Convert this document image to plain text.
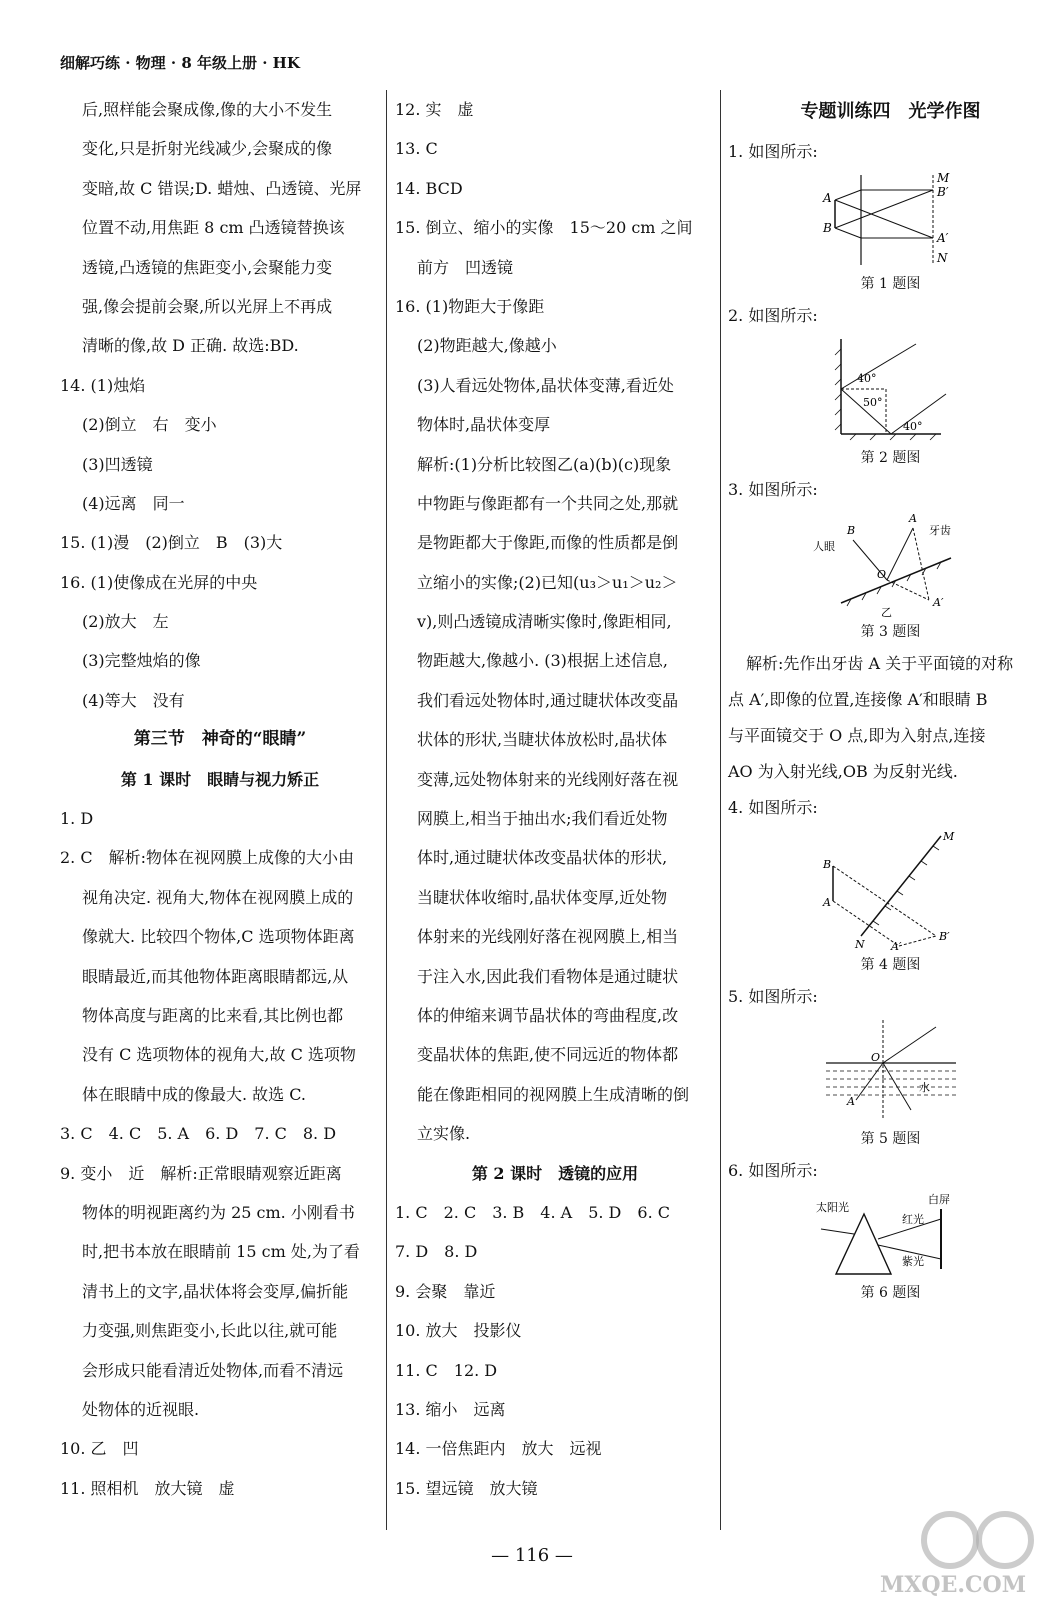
细解巧练 · 物理 · 8 年级上册 · HK
后,照样能会聚成像,像的大小不发生
变化,只是折射光线减少,会聚成的像
变暗,故 C 错误;D. 蜡烛、凸透镜、光屏
位置不动,用焦距 8 cm 凸透镜替换该
透镜,凸透镜的焦距变小,会聚能力变
强,像会提前会聚,所以光屏上不再成
清晰的像,故 D 正确. 故选:BD.
14. (1)烛焰
(2)倒立　右　变小
(3)凹透镜
(4)远离　同一
15. (1)漫　(2)倒立　B　(3)大
16. (1)使像成在光屏的中央
(2)放大　左
(3)完整烛焰的像
(4)等大　没有
第三节　神奇的“眼睛”
第 1 课时　眼睛与视力矫正
1. D
2. C　解析:物体在视网膜上成像的大小由
视角决定. 视角大,物体在视网膜上成的
像就大. 比较四个物体,C 选项物体距离
眼睛最近,而其他物体距离眼睛都远,从
物体高度与距离的比来看,其比例也都
没有 C 选项物体的视角大,故 C 选项物
体在眼睛中成的像最大. 故选 C.
3. C　4. C　5. A　6. D　7. C　8. D
9. 变小　近　解析:正常眼睛观察近距离
物体的明视距离约为 25 cm. 小刚看书
时,把书本放在眼睛前 15 cm 处,为了看
清书上的文字,晶状体将会变厚,偏折能
力变强,则焦距变小,长此以往,就可能
会形成只能看清近处物体,而看不清远
处物体的近视眼.
10. 乙　凹
11. 照相机　放大镜　虚
12. 实　虚
13. C
14. BCD
15. 倒立、缩小的实像　15～20 cm 之间
前方　凹透镜
16. (1)物距大于像距
(2)物距越大,像越小
(3)人看远处物体,晶状体变薄,看近处
物体时,晶状体变厚
解析:(1)分析比较图乙(a)(b)(c)现象
中物距与像距都有一个共同之处,那就
是物距都大于像距,而像的性质都是倒
立缩小的实像;(2)已知(u₃＞u₁＞u₂＞
v),则凸透镜成清晰实像时,像距相同,
物距越大,像越小. (3)根据上述信息,
我们看远处物体时,通过睫状体改变晶
状体的形状,当睫状体放松时,晶状体
变薄,远处物体射来的光线刚好落在视
网膜上,相当于抽出水;我们看近处物
体时,通过睫状体改变晶状体的形状,
当睫状体收缩时,晶状体变厚,近处物
体射来的光线刚好落在视网膜上,相当
于注入水,因此我们看物体是通过睫状
体的伸缩来调节晶状体的弯曲程度,改
变晶状体的焦距,使不同远近的物体都
能在像距相同的视网膜上生成清晰的倒
立实像.
第 2 课时　透镜的应用
1. C　2. C　3. B　4. A　5. D　6. C
7. D　8. D
9. 会聚　靠近
10. 放大　投影仪
11. C　12. D
13. 缩小　远离
14. 一倍焦距内　放大　远视
15. 望远镜　放大镜
专题训练四　光学作图
1. 如图所示:
A
B
M
B′
A′
N
第 1 题图
2. 如图所示:
40°
50°
40°
第 2 题图
3. 如图所示:
B
人眼
A
牙齿
O
A′
乙
第 3 题图
解析:先作出牙齿 A 关于平面镜的对称
点 A′,即像的位置,连接像 A′和眼睛 B
与平面镜交于 O 点,即为入射点,连接
AO 为入射光线,OB 为反射光线.
4. 如图所示:
B
A
M
N
B′
A′
第 4 题图
5. 如图所示:
O
水
A
第 5 题图
6. 如图所示:
太阳光
白屏
红光
紫光
第 6 题图
— 116 —
MXQE.COM
